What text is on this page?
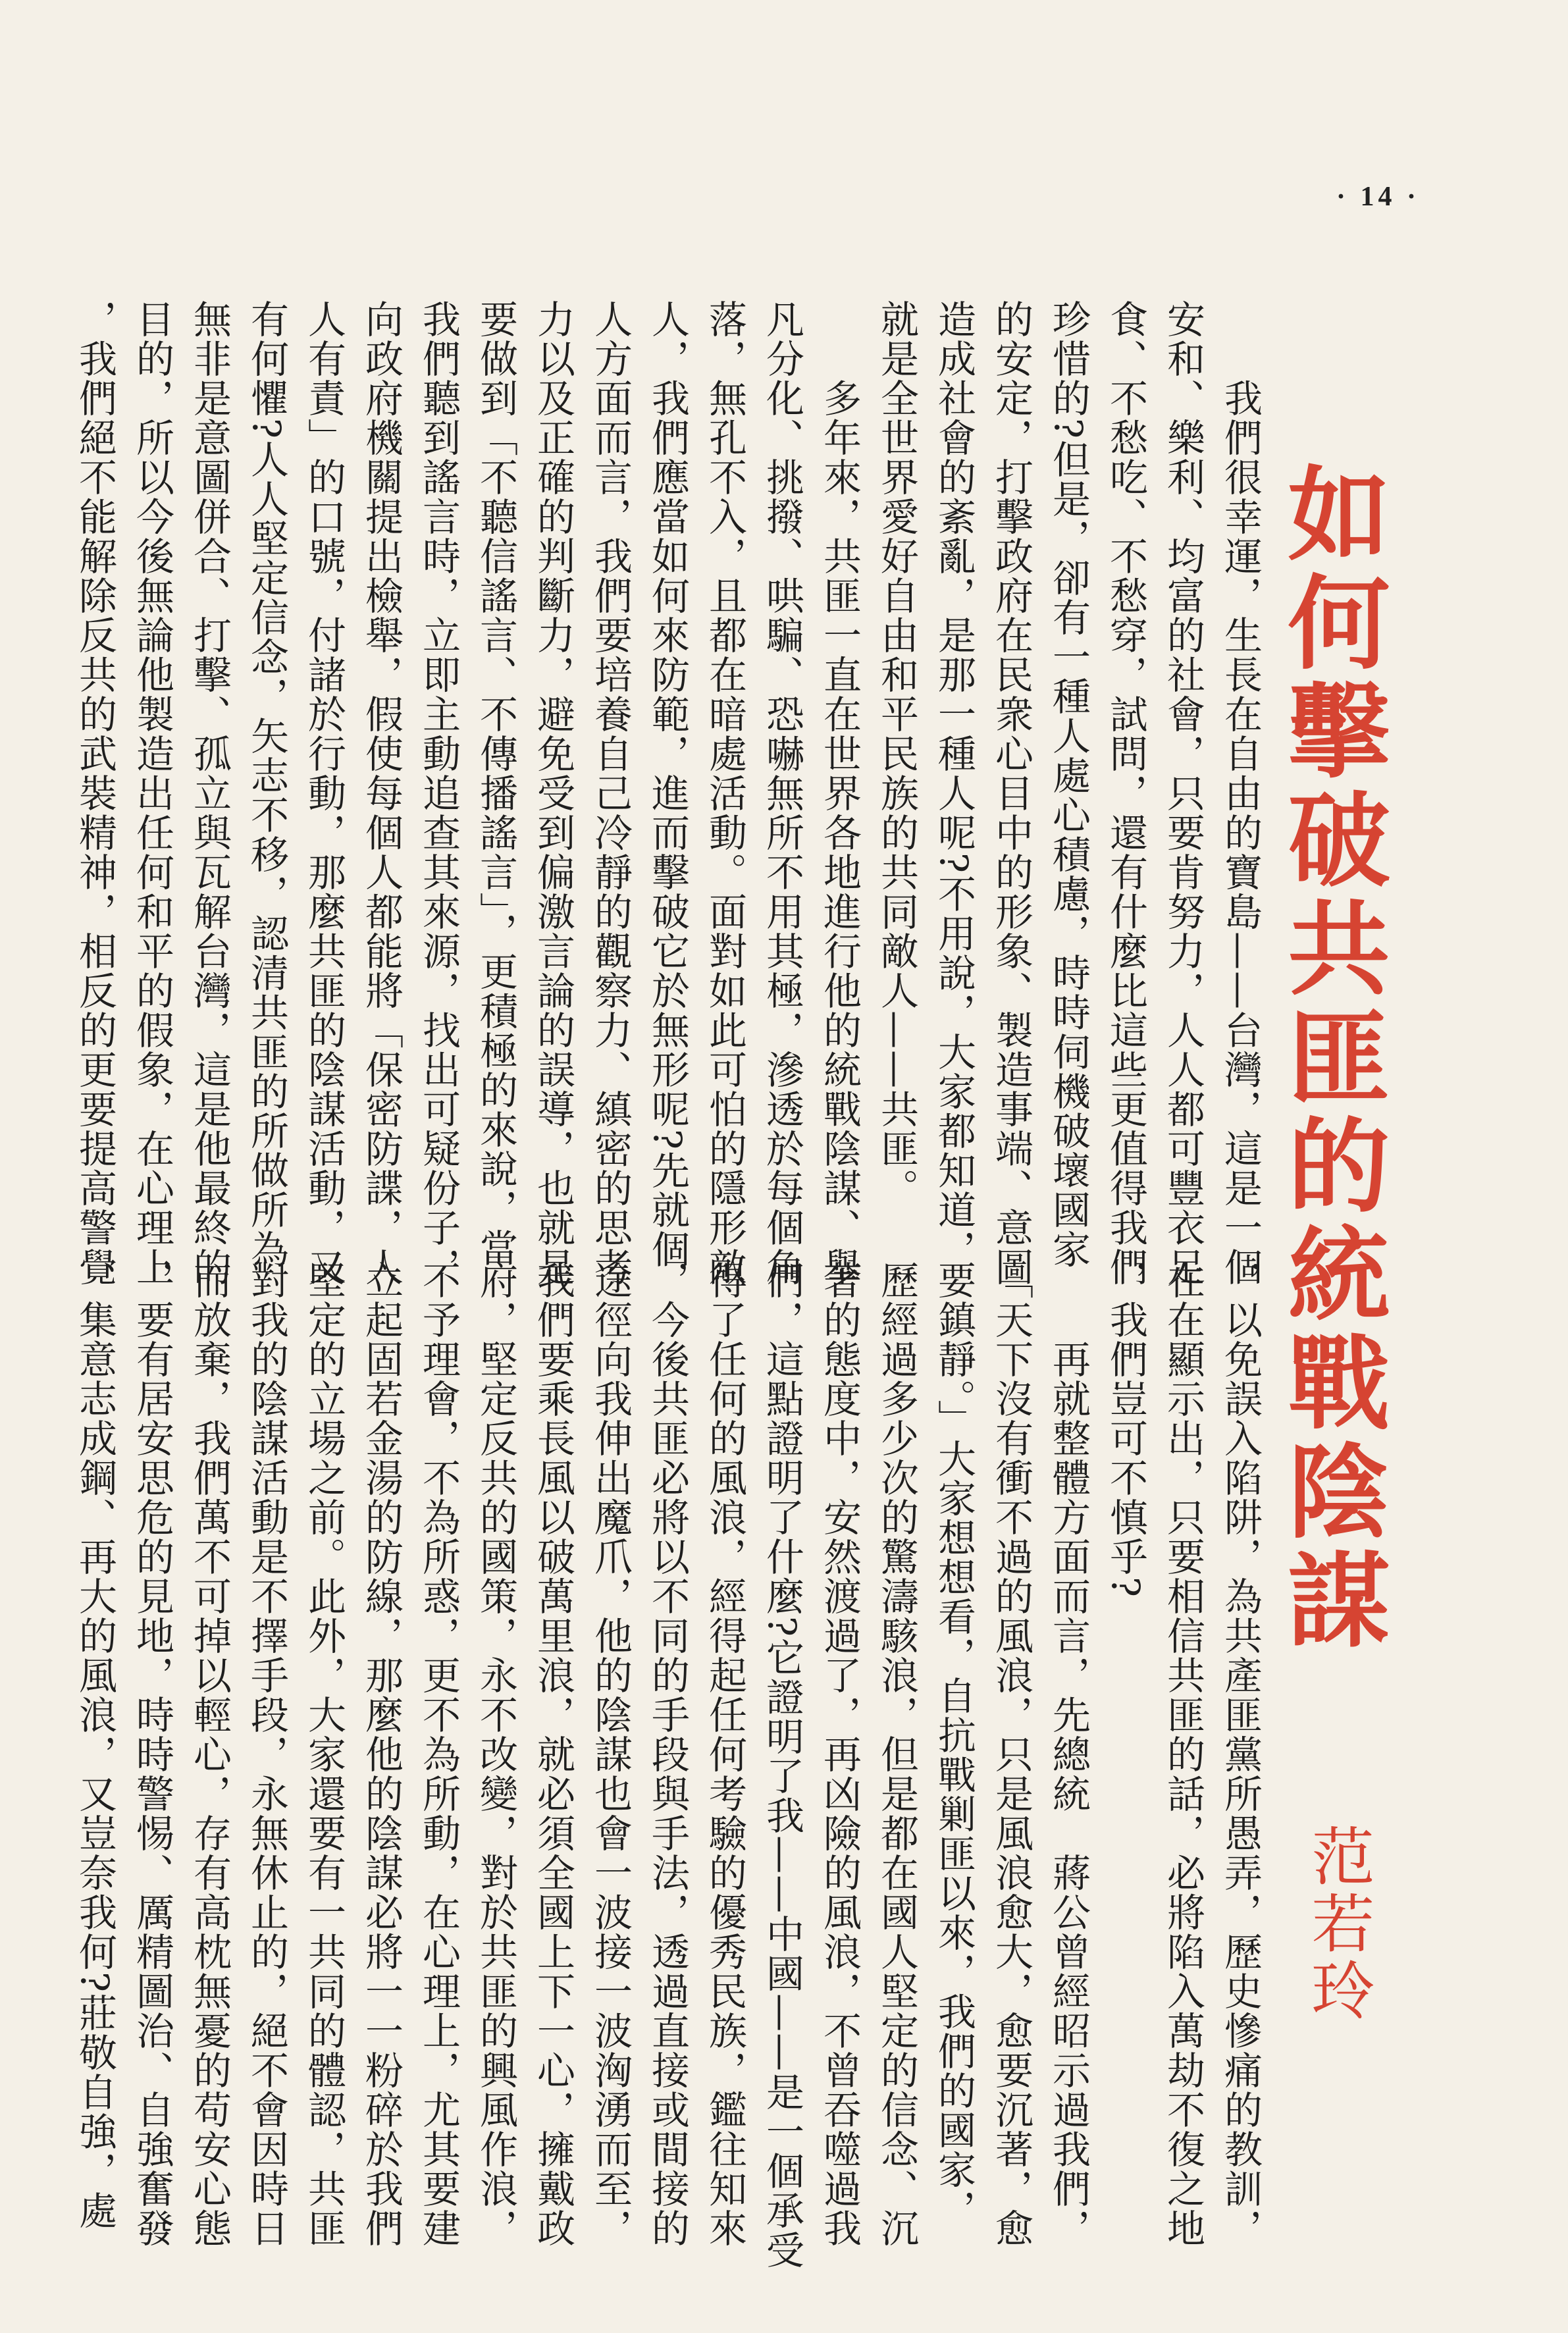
· 14 ·
如何擊破共匪的統戰陰謀
范若玲

　　我們很幸運，生長在自由的寶島——台灣，這是一個

安和、樂利、均富的社會，只要肯努力，人人都可豐衣足

食、不愁吃、不愁穿，試問，還有什麼比這些更值得我們

珍惜的?但是，卻有一種人處心積慮，時時伺機破壞國家

的安定，打擊政府在民衆心目中的形象、製造事端、意圖

造成社會的紊亂，是那一種人呢?不用說，大家都知道，

就是全世界愛好自由和平民族的共同敵人——共匪。

　　多年來，共匪一直在世界各地進行他的統戰陰謀、舉

凡分化、挑撥、哄騙、恐嚇無所不用其極，滲透於每個角

落，無孔不入，且都在暗處活動。面對如此可怕的隱形敵

人，我們應當如何來防範，進而擊破它於無形呢?先就個

人方面而言，我們要培養自己冷靜的觀察力、縝密的思考

力以及正確的判斷力，避免受到偏激言論的誤導，也就是

要做到「不聽信謠言、不傳播謠言」，更積極的來說，當

我們聽到謠言時，立即主動追查其來源，找出可疑份子，

向政府機關提出檢舉，假使每個人都能將「保密防諜，人

人有責」的口號，付諸於行動，那麼共匪的陰謀活動，又

有何懼?人人堅定信念，矢志不移，認清共匪的所做所為

無非是意圖併合、打擊、孤立與瓦解台灣，這是他最終的

目的，所以今後無論他製造出任何和平的假象，在心理上

，我們絕不能解除反共的武裝精神，相反的更要提高警覺

，以免誤入陷阱，為共產匪黨所愚弄，歷史慘痛的教訓，

在在顯示出，只要相信共匪的話，必將陷入萬劫不復之地

，我們豈可不慎乎?

　　再就整體方面而言，先總統　蔣公曾經昭示過我們，

「天下沒有衝不過的風浪，只是風浪愈大，愈要沉著，愈

要鎮靜。」大家想想看，自抗戰剿匪以來，我們的國家，

歷經過多少次的驚濤駭浪，但是都在國人堅定的信念、沉

著的態度中，安然渡過了，再凶險的風浪，不曾吞噬過我

們，這點證明了什麼?它證明了我——中國——是一個承受

得了任何的風浪，經得起任何考驗的優秀民族，鑑往知來

，今後共匪必將以不同的手段與手法，透過直接或間接的

途徑向我伸出魔爪，他的陰謀也會一波接一波洶湧而至，

我們要乘長風以破萬里浪，就必須全國上下一心，擁戴政

府，堅定反共的國策，永不改變，對於共匪的興風作浪，

不予理會，不為所惑，更不為所動，在心理上，尤其要建

立起固若金湯的防線，那麼他的陰謀必將一一粉碎於我們

堅定的立場之前。此外，大家還要有一共同的體認，共匪

對我的陰謀活動是不擇手段，永無休止的，絕不會因時日

而放棄，我們萬不可掉以輕心，存有高枕無憂的苟安心態

，要有居安思危的見地，時時警惕、厲精圖治、自強奮發

、集意志成鋼、再大的風浪，又豈奈我何?莊敬自強，處
